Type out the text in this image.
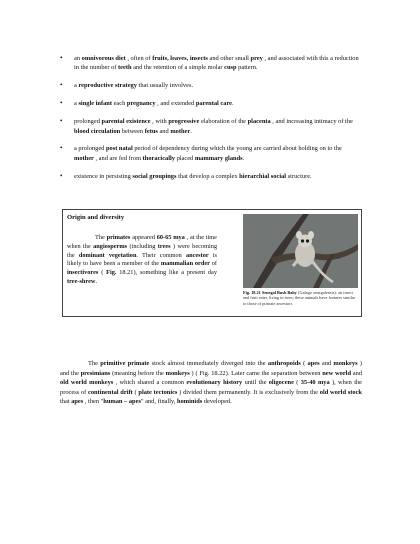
• an omnivorous diet , often of fruits, leaves, insects and other small prey , and associated with this a reduction in the number of teeth and the retention of a simple molar cusp pattern.
• a reproductive strategy that usually involves.
• a single infant each pregnancy , and extended parental care.
• prolonged parental existence , with progressive elaboration of the placenta , and increasing intimacy of the blood circulation between fetus and mother.
• a prolonged post natal period of dependency during which the young are carried about holding on to the mother , and are fed from thoracically placed mammary glands.
• existence in persisting social groupings that develop a complex hierarchial social structure.
Origin and diversity
The primates appeared 60-65 mya , at the time when the angiosperms (including trees ) were becoming the dominant vegetation. Their common ancestor is likely to have been a member of the mammalian order of insectivores ( Fig. 18.21), something like a present day tree-shrew.
Fig. 18.21 Senegal Bush Baby (Galago senegalensis): an insect and fruit eater, living in trees; these animals have features similar to those of primate ancestors

The primitive primate stock almost immediately diverged into the anthropoids ( apes and monkeys ) and the presimians (meaning before the monkeys ) ( Fig. 18.22). Later came the separation between new world and old world monkeys , which shared a common evolutionary history until the oligocene ( 35-40 mya ), when the process of continental drift ( plate tectonics ) divided them permanently. It is exclusively from the old world stock that apes , then "human – apes" and, finally, hominids developed.
